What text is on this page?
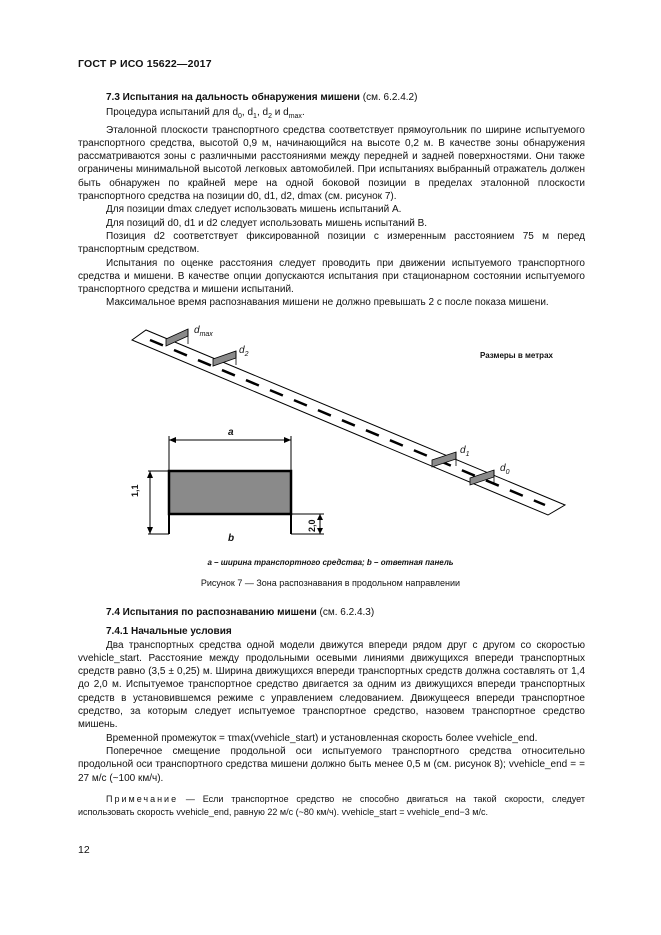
ГОСТ Р ИСО 15622—2017

7.3 Испытания на дальность обнаружения мишени (см. 6.2.4.2)

Процедура испытаний для $d_0$, $d_1$, $d_2$ и $d_{max}$.

Эталонной плоскости транспортного средства соответствует прямоугольник по ширине испытуемого транспортного средства, высотой 0,9 м, начинающийся на высоте 0,2 м. В качестве зоны обнаружения рассматриваются зоны с различными расстояниями между передней и задней поверхностями. Они также ограничены минимальной высотой легковых автомобилей. При испытаниях выбранный отражатель должен быть обнаружен по крайней мере на одной боковой позиции в пределах эталонной плоскости транспортного средства на позиции d0, d1, d2, dmax (см. рисунок 7).

Для позиции dmax следует использовать мишень испытаний A.

Для позиций d0, d1 и d2 следует использовать мишень испытаний B.

Позиция d2 соответствует фиксированной позиции с измеренным расстоянием 75 м перед транспортным средством.

Испытания по оценке расстояния следует проводить при движении испытуемого транспортного средства и мишени. В качестве опции допускаются испытания при стационарном состоянии испытуемого транспортного средства и мишени испытаний.

Максимальное время распознавания мишени не должно превышать 2 с после показа мишени.

Размеры в метрах
$d_{max}$
$d_2$
$d_1$
$d_0$
a
b
1,1
2,0
a – ширина транспортного средства; b – ответная панель
Рисунок 7 — Зона распознавания в продольном направлении

7.4 Испытания по распознаванию мишени (см. 6.2.4.3)

7.4.1 Начальные условия

Два транспортных средства одной модели движутся впереди рядом друг с другом со скоростью vvehicle_start. Расстояние между продольными осевыми линиями движущихся впереди транспортных средств равно (3,5 ± 0,25) м. Ширина движущихся впереди транспортных средств должна составлять от 1,4 до 2,0 м. Испытуемое транспортное средство двигается за одним из движущихся впереди транспортных средств в установившемся режиме с управлением следованием. Движущееся впереди транспортное средство, за которым следует испытуемое транспортное средство, назовем транспортное средство мишень.

Временной промежуток = τmax(vvehicle_start) и установленная скорость более vvehicle_end.

Поперечное смещение продольной оси испытуемого транспортного средства относительно продольной оси транспортного средства мишени должно быть менее 0,5 м (см. рисунок 8); vvehicle_end = = 27 м/с (~100 км/ч).

Примечание — Если транспортное средство не способно двигаться на такой скорости, следует использовать скорость vvehicle_end, равную 22 м/с (~80 км/ч). vvehicle_start = vvehicle_end−3 м/с.
12
